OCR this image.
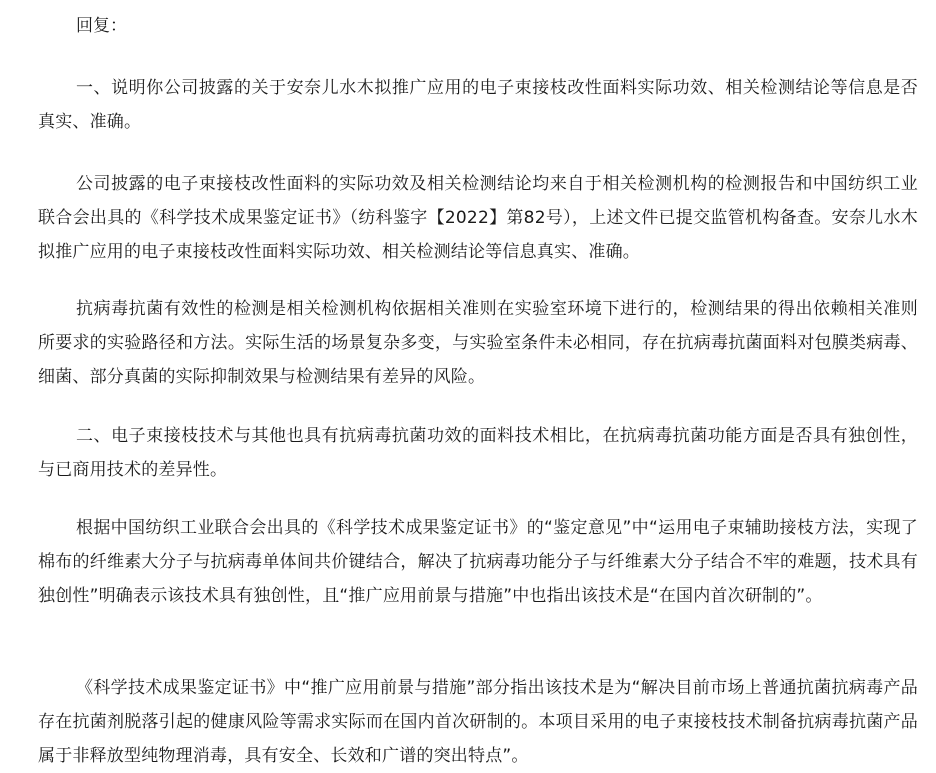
回复：

一、说明你公司披露的关于安奈儿水木拟推广应用的电子束接枝改性面料实际功效、相关检测结论等信息是否真实、准确。

公司披露的电子束接枝改性面料的实际功效及相关检测结论均来自于相关检测机构的检测报告和中国纺织工业联合会出具的《科学技术成果鉴定证书》（纺科鉴字【2022】第82号），上述文件已提交监管机构备查。安奈儿水木拟推广应用的电子束接枝改性面料实际功效、相关检测结论等信息真实、准确。

抗病毒抗菌有效性的检测是相关检测机构依据相关准则在实验室环境下进行的，检测结果的得出依赖相关准则所要求的实验路径和方法。实际生活的场景复杂多变，与实验室条件未必相同，存在抗病毒抗菌面料对包膜类病毒、细菌、部分真菌的实际抑制效果与检测结果有差异的风险。

二、电子束接枝技术与其他也具有抗病毒抗菌功效的面料技术相比，在抗病毒抗菌功能方面是否具有独创性，与已商用技术的差异性。

根据中国纺织工业联合会出具的《科学技术成果鉴定证书》的“鉴定意见”中“运用电子束辅助接枝方法，实现了棉布的纤维素大分子与抗病毒单体间共价键结合，解决了抗病毒功能分子与纤维素大分子结合不牢的难题，技术具有独创性”明确表示该技术具有独创性，且“推广应用前景与措施”中也指出该技术是“在国内首次研制的”。

《科学技术成果鉴定证书》中“推广应用前景与措施”部分指出该技术是为“解决目前市场上普通抗菌抗病毒产品存在抗菌剂脱落引起的健康风险等需求实际而在国内首次研制的。本项目采用的电子束接枝技术制备抗病毒抗菌产品属于非释放型纯物理消毒，具有安全、长效和广谱的突出特点”。
